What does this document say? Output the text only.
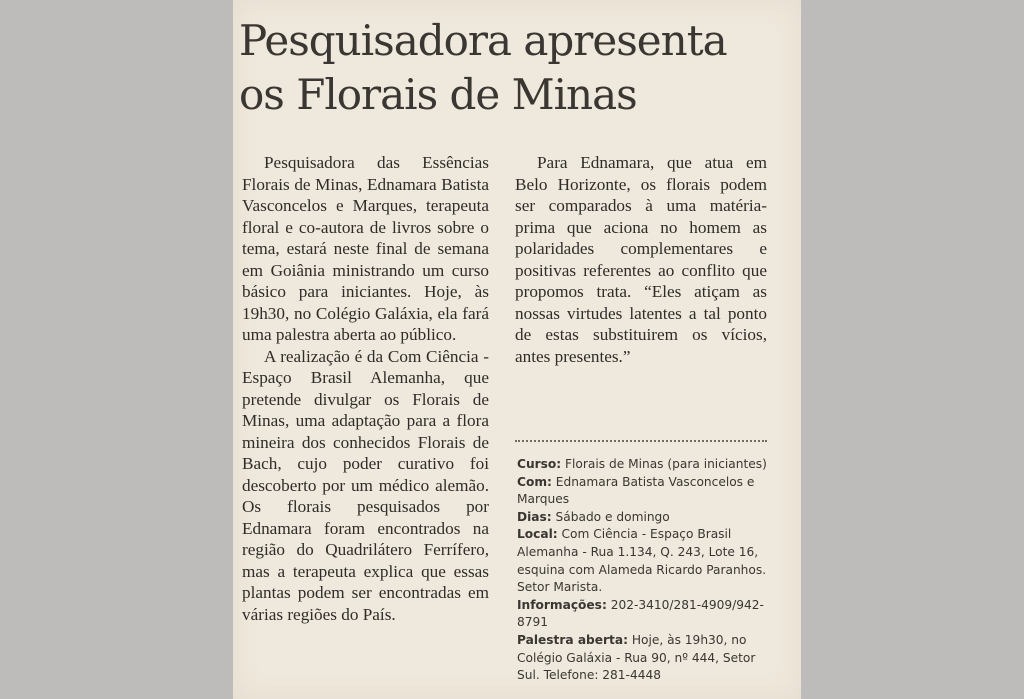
Pesquisadora apresenta
os Florais de Minas

Pesquisadora das Essências Florais de Minas, Ednamara Batista Vasconcelos e Marques, terapeuta floral e co-autora de livros sobre o tema, estará neste final de semana em Goiânia ministrando um curso básico para iniciantes. Hoje, às 19h30, no Colégio Galáxia, ela fará uma palestra aberta ao público.

A realização é da Com Ciência - Espaço Brasil Alemanha, que pretende divulgar os Florais de Minas, uma adaptação para a flora mineira dos conhecidos Florais de Bach, cujo poder curativo foi descoberto por um médico alemão. Os florais pesquisados por Ednamara foram encontrados na região do Quadrilátero Ferrífero, mas a terapeuta explica que essas plantas podem ser encontradas em várias regiões do País.

Para Ednamara, que atua em Belo Horizonte, os florais podem ser comparados à uma matéria-prima que aciona no homem as polaridades complementares e positivas referentes ao conflito que propomos trata. “Eles atiçam as nossas virtudes latentes a tal ponto de estas substituirem os vícios, antes presentes.”

Curso: Florais de Minas (para iniciantes)

Com: Ednamara Batista Vasconcelos e Marques

Dias: Sábado e domingo

Local: Com Ciência - Espaço Brasil Alemanha - Rua 1.134, Q. 243, Lote 16, esquina com Alameda Ricardo Paranhos. Setor Marista.

Informações: 202-3410/281-4909/942-8791

Palestra aberta: Hoje, às 19h30, no Colégio Galáxia - Rua 90, nº 444, Setor Sul. Telefone: 281-4448
